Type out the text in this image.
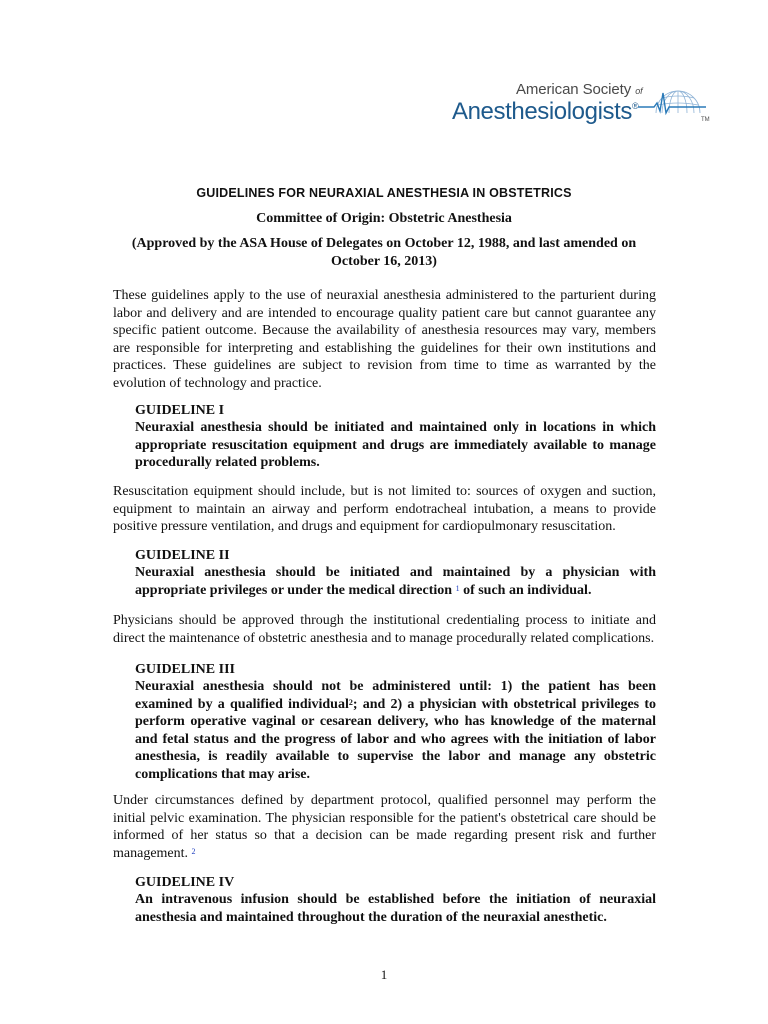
American Society of
Anesthesiologists®
TM
GUIDELINES FOR NEURAXIAL ANESTHESIA IN OBSTETRICS
Committee of Origin: Obstetric Anesthesia
(Approved by the ASA House of Delegates on October 12, 1988, and last amended on October 16, 2013)
These guidelines apply to the use of neuraxial anesthesia administered to the parturient during labor and delivery and are intended to encourage quality patient care but cannot guarantee any specific patient outcome. Because the availability of anesthesia resources may vary, members are responsible for interpreting and establishing the guidelines for their own institutions and practices. These guidelines are subject to revision from time to time as warranted by the evolution of technology and practice.
GUIDELINE I
Neuraxial anesthesia should be initiated and maintained only in locations in which appropriate resuscitation equipment and drugs are immediately available to manage procedurally related problems.
Resuscitation equipment should include, but is not limited to: sources of oxygen and suction, equipment to maintain an airway and perform endotracheal intubation, a means to provide positive pressure ventilation, and drugs and equipment for cardiopulmonary resuscitation.
GUIDELINE II
Neuraxial anesthesia should be initiated and maintained by a physician with appropriate privileges or under the medical direction $^1$ of such an individual.
Physicians should be approved through the institutional credentialing process to initiate and direct the maintenance of obstetric anesthesia and to manage procedurally related complications.
GUIDELINE III
Neuraxial anesthesia should not be administered until: 1) the patient has been examined by a qualified individual$^2$; and 2) a physician with obstetrical privileges to perform operative vaginal or cesarean delivery, who has knowledge of the maternal and fetal status and the progress of labor and who agrees with the initiation of labor anesthesia, is readily available to supervise the labor and manage any obstetric complications that may arise.
Under circumstances defined by department protocol, qualified personnel may perform the initial pelvic examination. The physician responsible for the patient's obstetrical care should be informed of her status so that a decision can be made regarding present risk and further management. $^2$
GUIDELINE IV
An intravenous infusion should be established before the initiation of neuraxial anesthesia and maintained throughout the duration of the neuraxial anesthetic.
1
